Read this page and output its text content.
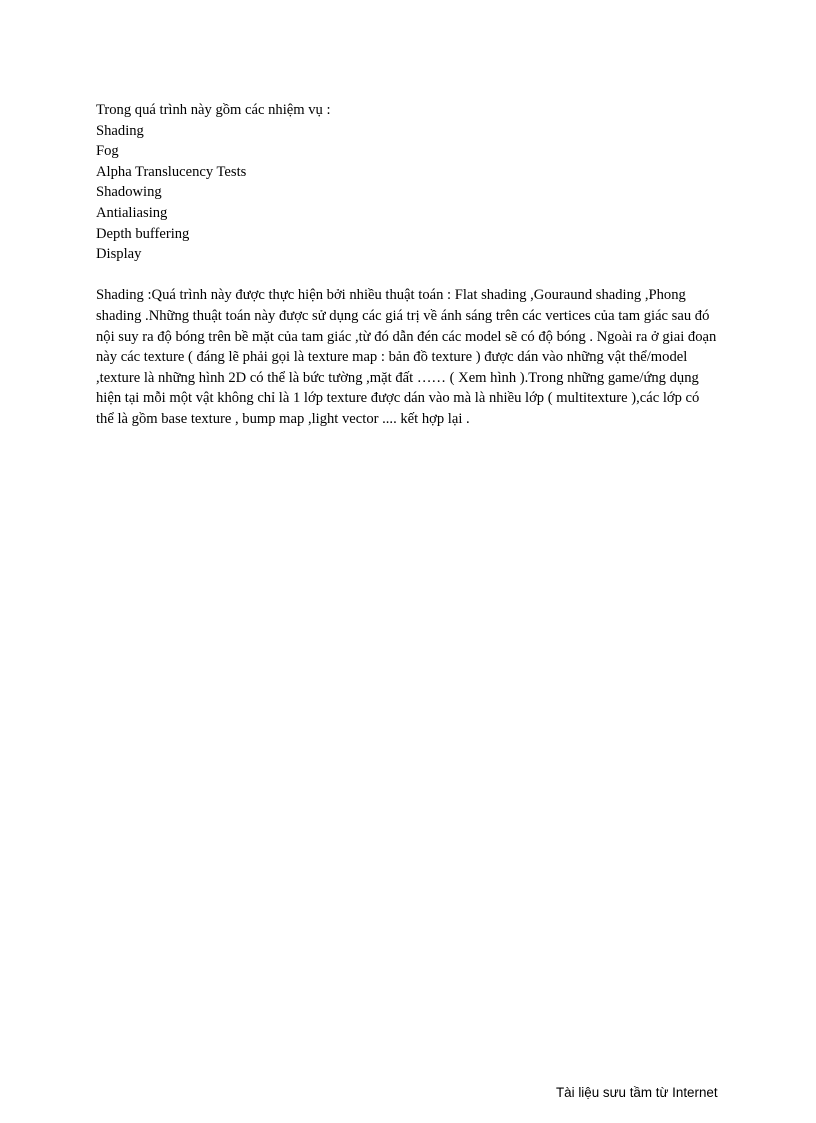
Trong quá trình này gồm các nhiệm vụ :
Shading
Fog
Alpha Translucency Tests
Shadowing
Antialiasing
Depth buffering
Display
Shading :Quá trình này được thực hiện bởi nhiều thuật toán : Flat shading ,Gouraund shading ,Phong
shading .Những thuật toán này được sử dụng các giá trị về ánh sáng trên các vertices của tam giác sau đó
nội suy ra độ bóng trên bề mặt của tam giác ,từ đó dẫn đén các model sẽ có độ bóng . Ngoài ra ở giai đoạn
này các texture ( đáng lẽ phải gọi là texture map : bản đồ texture ) được dán vào những vật thể/model
,texture là những hình 2D có thể là bức tường ,mặt đất …… ( Xem hình ).Trong những game/ứng dụng
hiện tại mỗi một vật không chỉ là 1 lớp texture được dán vào mà là nhiều lớp ( multitexture ),các lớp có
thể là gồm base texture , bump map ,light vector .... kết hợp lại .
Tài liệu sưu tầm từ Internet
